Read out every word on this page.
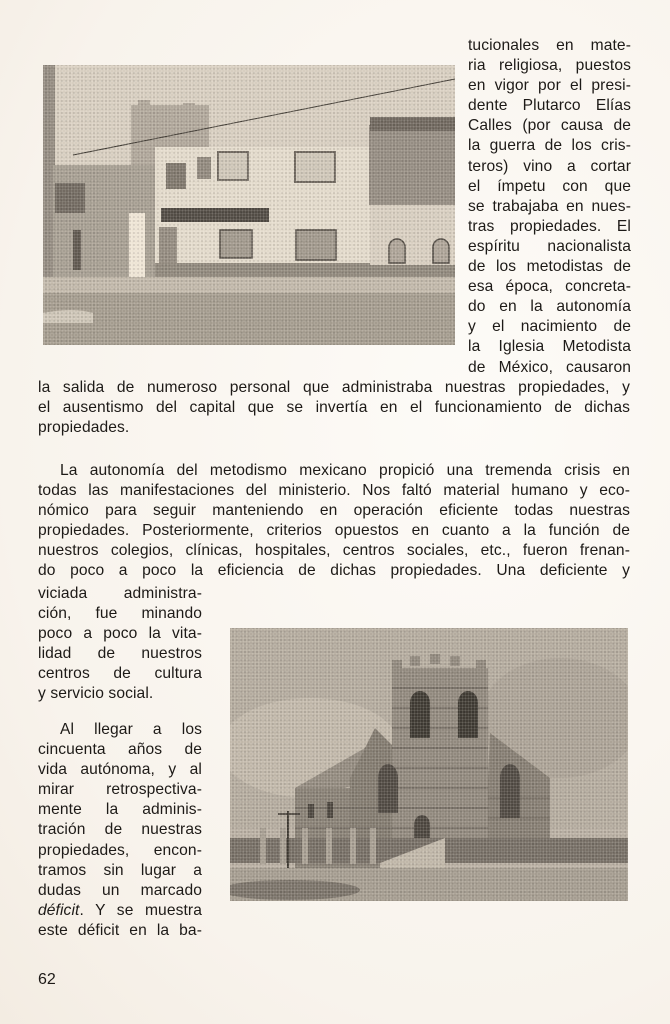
tucionales en mate-
ria religiosa, puestos
en vigor por el presi-
dente Plutarco Elías
Calles (por causa de
la guerra de los cris-
teros) vino a cortar
el ímpetu con que
se trabajaba en nues-
tras propiedades. El
espíritu nacionalista
de los metodistas de
esa época, concreta-
do en la autonomía
y el nacimiento de
la Iglesia Metodista
de México, causaron
la salida de numeroso personal que administraba nuestras propiedades, y
el ausentismo del capital que se invertía en el funcionamiento de dichas
propiedades.
La autonomía del metodismo mexicano propició una tremenda crisis en
todas las manifestaciones del ministerio. Nos faltó material humano y eco-
nómico para seguir manteniendo en operación eficiente todas nuestras
propiedades. Posteriormente, criterios opuestos en cuanto a la función de
nuestros colegios, clínicas, hospitales, centros sociales, etc., fueron frenan-
do poco a poco la eficiencia de dichas propiedades. Una deficiente y
viciada administra-
ción, fue minando
poco a poco la vita-
lidad de nuestros
centros de cultura
y servicio social.
Al llegar a los
cincuenta años de
vida autónoma, y al
mirar retrospectiva-
mente la adminis-
tración de nuestras
propiedades, encon-
tramos sin lugar a
dudas un marcado
déficit. Y se muestra
este déficit en la ba-
62
